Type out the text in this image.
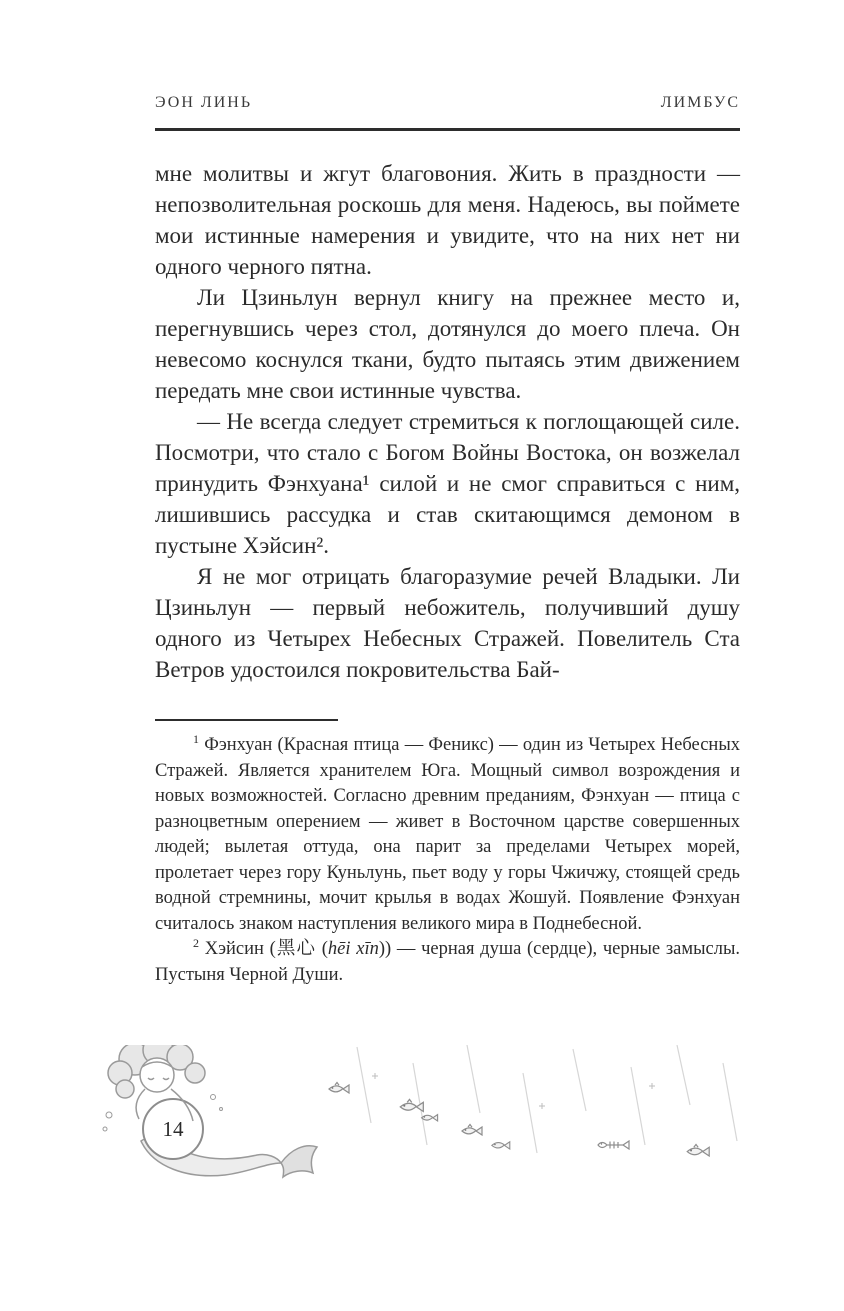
ЭОН ЛИНЬ	ЛИМБУС

мне молитвы и жгут благовония. Жить в праздности — непозволительная роскошь для меня. Надеюсь, вы поймете мои истинные намерения и увидите, что на них нет ни одного черного пятна.

Ли Цзиньлун вернул книгу на прежнее место и, перегнувшись через стол, дотянулся до моего плеча. Он невесомо коснулся ткани, будто пытаясь этим движением передать мне свои истинные чувства.

— Не всегда следует стремиться к поглощающей силе. Посмотри, что стало с Богом Войны Востока, он возжелал принудить Фэнхуана¹ силой и не смог справиться с ним, лишившись рассудка и став скитающимся демоном в пустыне Хэйсин².

Я не мог отрицать благоразумие речей Владыки. Ли Цзиньлун — первый небожитель, получивший душу одного из Четырех Небесных Стражей. Повелитель Ста Ветров удостоился покровительства Бай-

$^1$ Фэнхуан (Красная птица — Феникс) — один из Четырех Небесных Стражей. Является хранителем Юга. Мощный символ возрождения и новых возможностей. Согласно древним преданиям, Фэнхуан — птица с разноцветным оперением — живет в Восточном царстве совершенных людей; вылетая оттуда, она парит за пределами Четырех морей, пролетает через гору Куньлунь, пьет воду у горы Чжичжу, стоящей средь водной стремнины, мочит крылья в водах Жошуй. Появление Фэнхуан считалось знаком наступления великого мира в Поднебесной.

$^2$ Хэйсин (黑心 (hēi xīn)) — черная душа (сердце), черные замыслы. Пустыня Черной Души.

14
